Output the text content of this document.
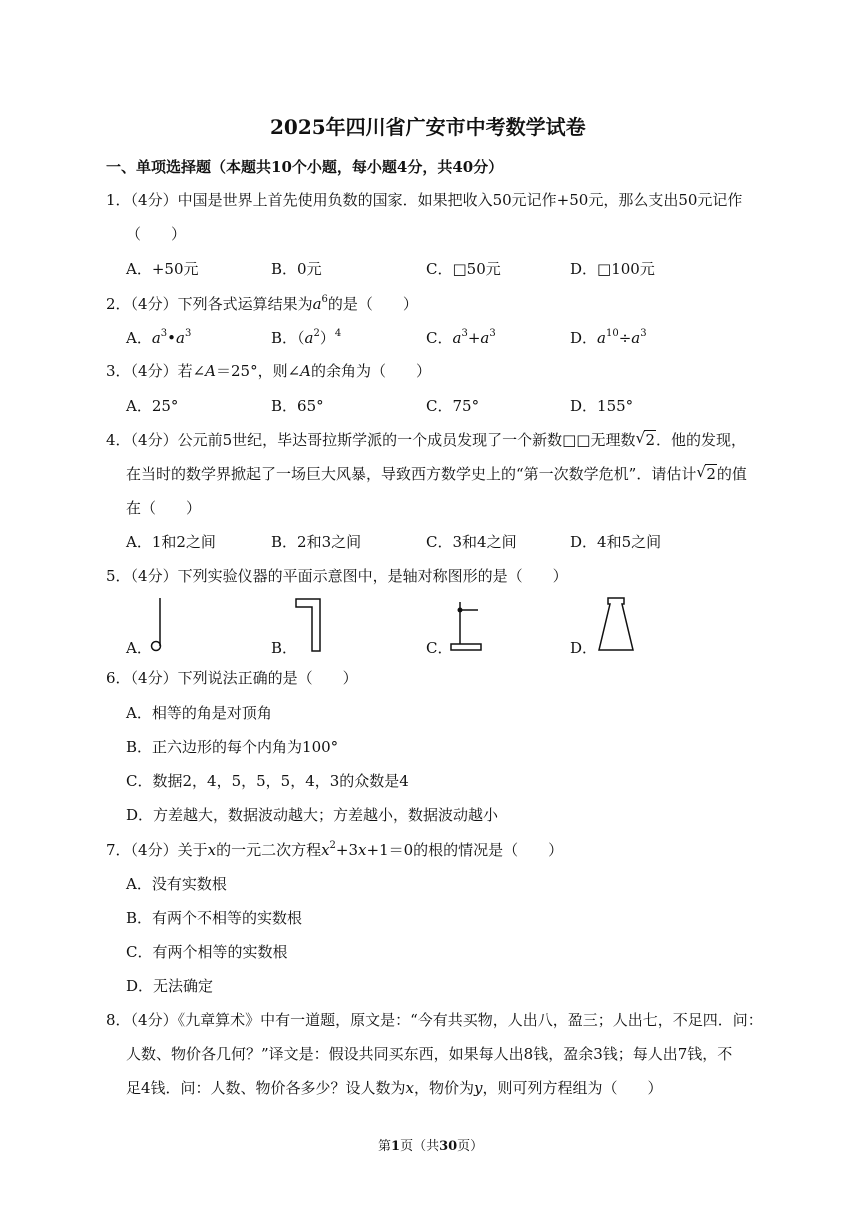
2025年四川省广安市中考数学试卷
一、单项选择题（本题共10个小题，每小题4分，共40分）
1．（4分）中国是世界上首先使用负数的国家．如果把收入50元记作+50元，那么支出50元记作
（　　）
A．+50元	B．0元	C．□50元	D．□100元
2．（4分）下列各式运算结果为$a^6$的是（　　）
A．$a^3•a^3$	B．$(a^2)^4$	C．$a^3+a^3$	D．$a^{10}\div a^3$
3．（4分）若∠A＝25°，则∠A的余角为（　　）
A．25°	B．65°	C．75°	D．155°
4．（4分）公元前5世纪，毕达哥拉斯学派的一个成员发现了一个新数□□无理数 √ 2．他的发现，
在当时的数学界掀起了一场巨大风暴，导致西方数学史上的“第一次数学危机”．请估计 √ 2的值
在（　　）
A．1和2之间	B．2和3之间	C．3和4之间	D．4和5之间
5．（4分）下列实验仪器的平面示意图中，是轴对称图形的是（　　）
A．	B．	C．	D．
6．（4分）下列说法正确的是（　　）
A．相等的角是对顶角
B．正六边形的每个内角为100°
C．数据2，4，5，5，5，4，3的众数是4
D．方差越大，数据波动越大；方差越小，数据波动越小
7．（4分）关于x的一元二次方程$x^2+3x+1=0$的根的情况是（　　）
A．没有实数根
B．有两个不相等的实数根
C．有两个相等的实数根
D．无法确定
8．（4分）《九章算术》中有一道题，原文是：“今有共买物，人出八，盈三；人出七，不足四．问：
人数、物价各几何？”译文是：假设共同买东西，如果每人出8钱，盈余3钱；每人出7钱，不
足4钱．问：人数、物价各多少？设人数为x，物价为y，则可列方程组为（　　）
第1页（共30页）
